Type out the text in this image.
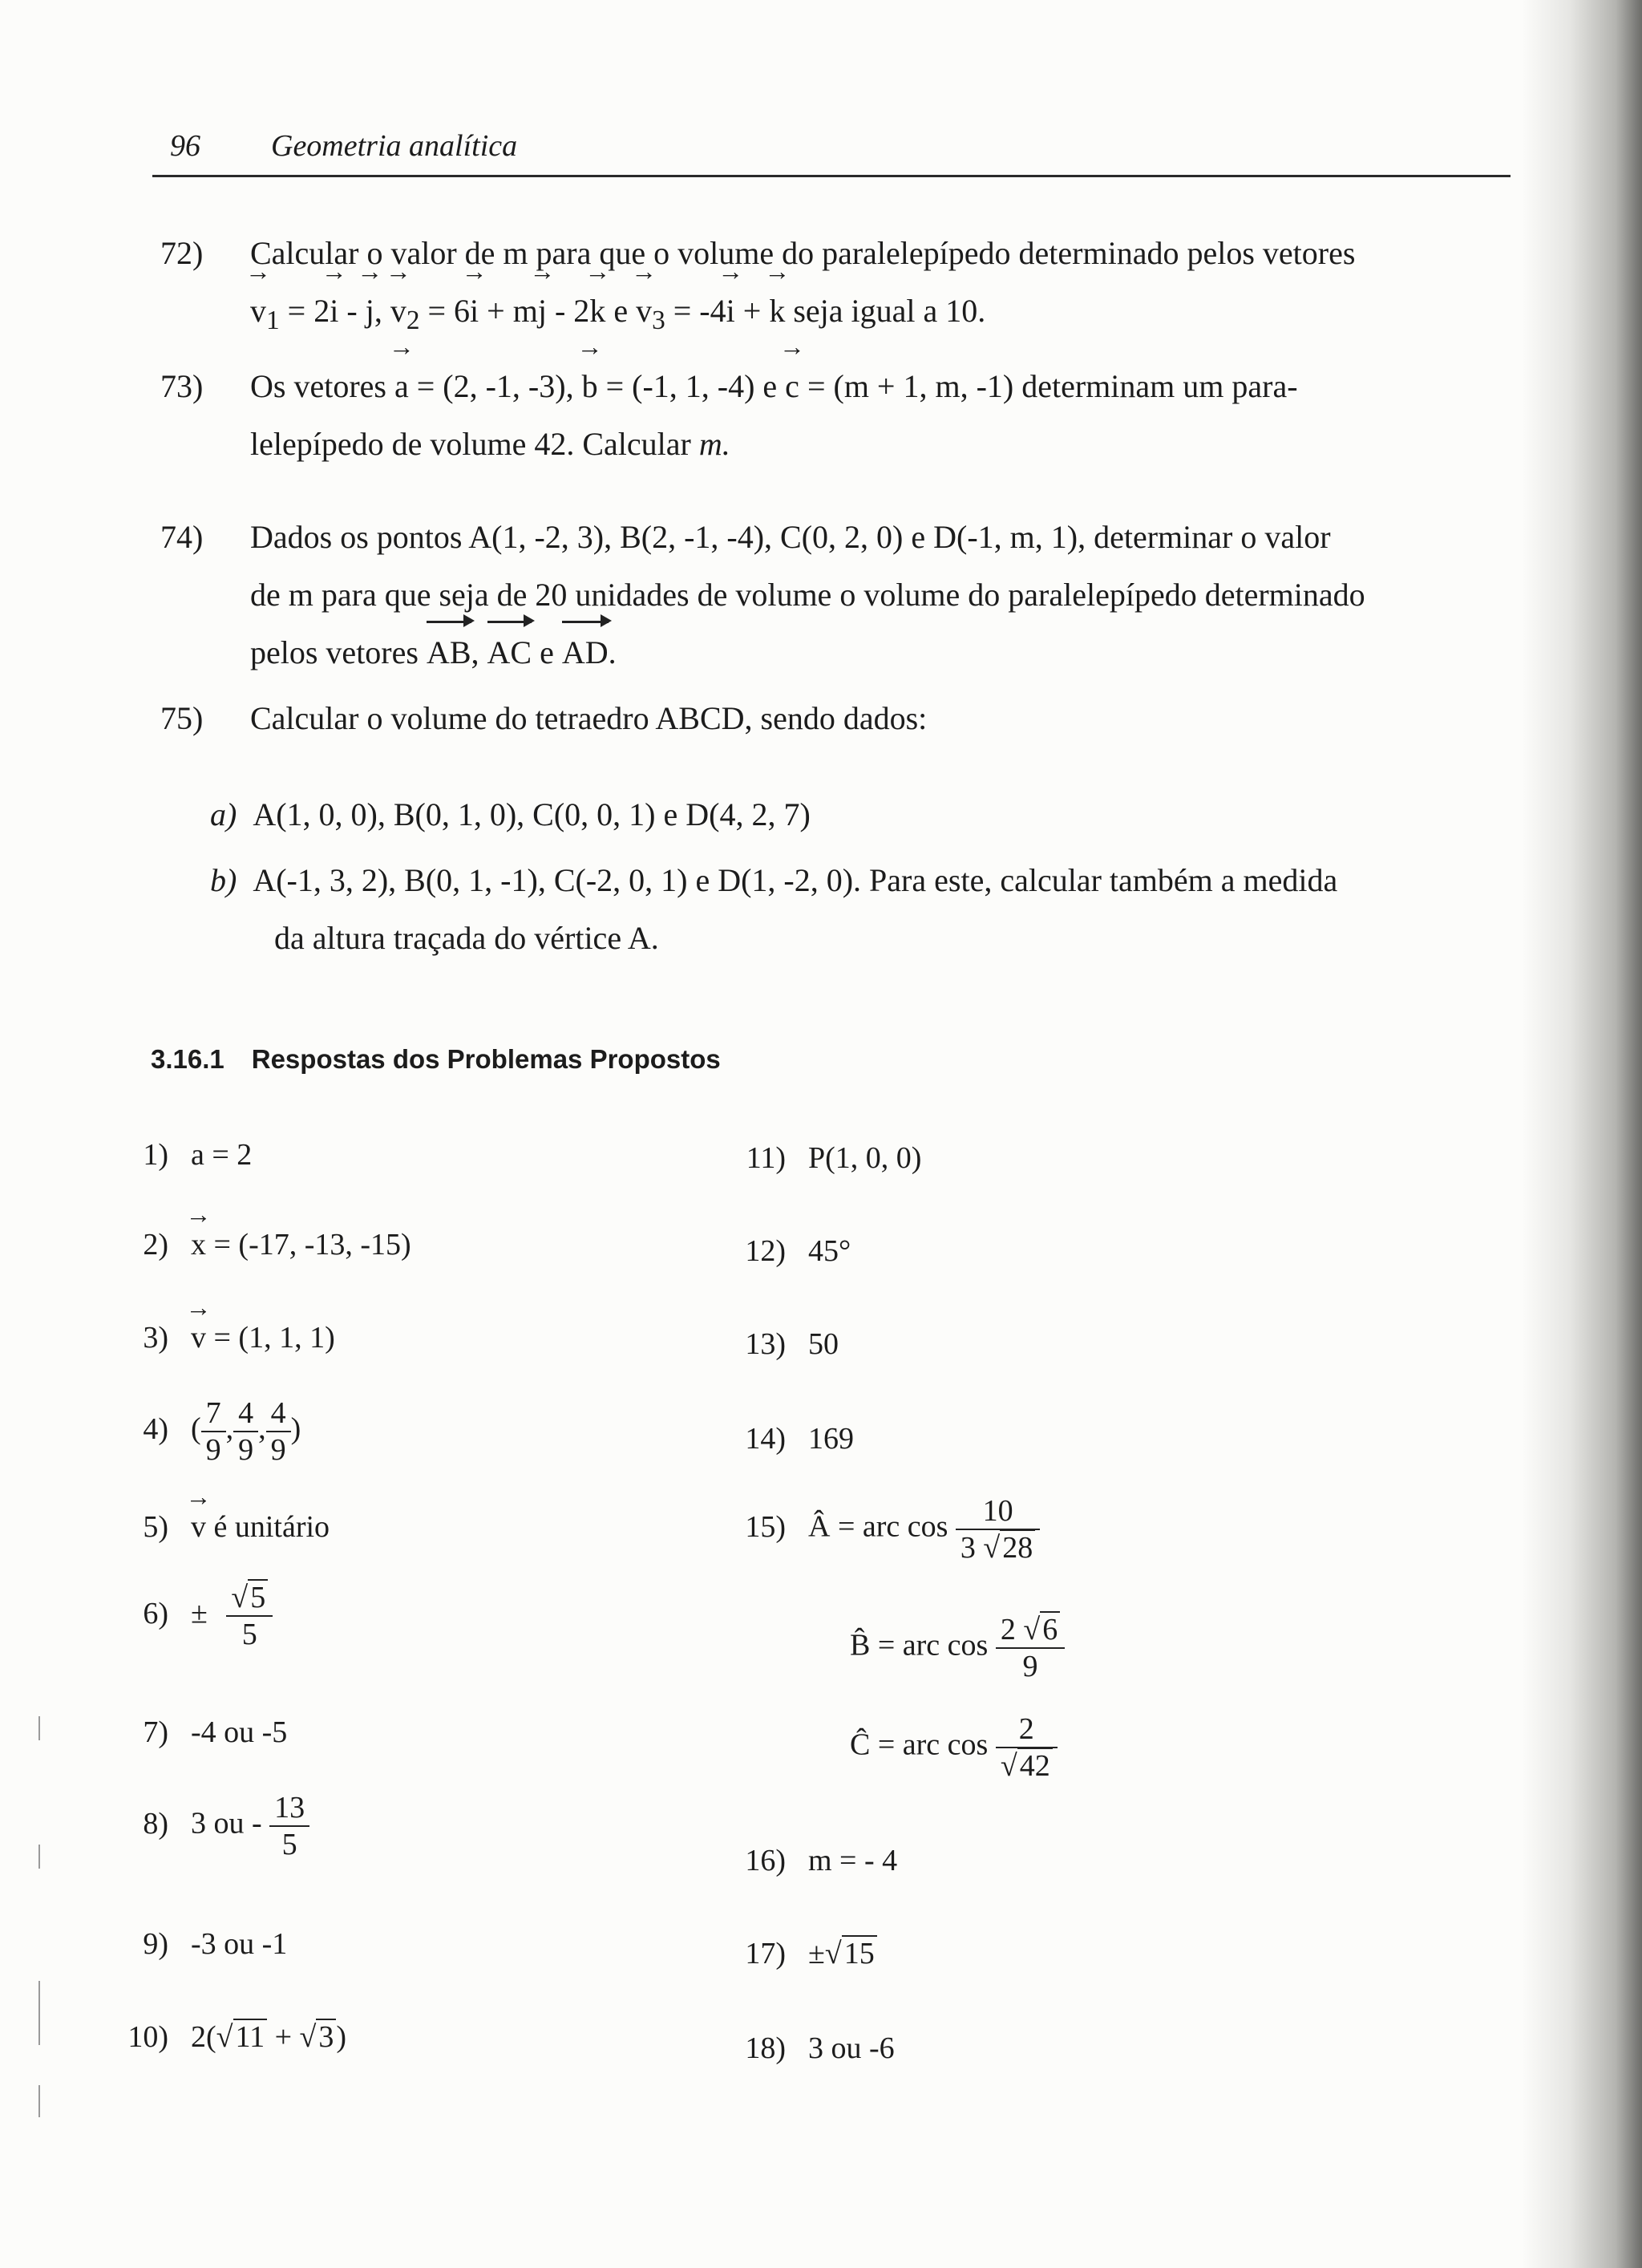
96 Geometria analítica
72) Calcular o valor de m para que o volume do paralelepípedo determinado pelos vetores
→ $v_1 = 2\to i$ - → j, → $v_2 = 6\to i + m\to j - 2\to k$ $e \to v_3 = -4\to i$ + → k seja igual a 10.
73) Os vetores → a = (2, -1, -3), → b = (-1, 1, -4) e → c = (m + 1, m, -1) determinam um para-
lelepípedo de volume 42. Calcular m.
74) Dados os pontos A(1, -2, 3), B(2, -1, -4), C(0, 2, 0) e D(-1, m, 1), determinar o valor
de m para que seja de 20 unidades de volume o volume do paralelepípedo determinado
pelos vetores AB, AC e AD.
75) Calcular o volume do tetraedro ABCD, sendo dados:
a) A(1, 0, 0), B(0, 1, 0), C(0, 0, 1) e D(4, 2, 7)
b) A(-1, 3, 2), B(0, 1, -1), C(-2, 0, 1) e D(1, -2, 0). Para este, calcular também a medida
da altura traçada do vértice A.
3.16.1 Respostas dos Problemas Propostos
1) a = 2
2) → x = (-17, -13, -15)
3) → v = (1, 1, 1)
4) ( $\frac{7}{9}$ , $\frac{4}{9}$ , $\frac{4}{9}$ )
5) → v é unitário
$6) \pm \frac{√5}{5}$
7) -4 ou -5
8) 3 ou - $\frac{13}{5}$
9) -3 ou -1
10) 2(√11 + √3)
11) P(1, 0, 0)
12) 45°
13) 50
14) 169
15) Â = arc $\cos \frac{10}{3 √28}$
B̂ = arc $\cos \frac{2 √6}{9}$
Ĉ = arc $\cos \frac{2}{√42}$
16) m = - 4
17) ±√15
18) 3 ou -6
